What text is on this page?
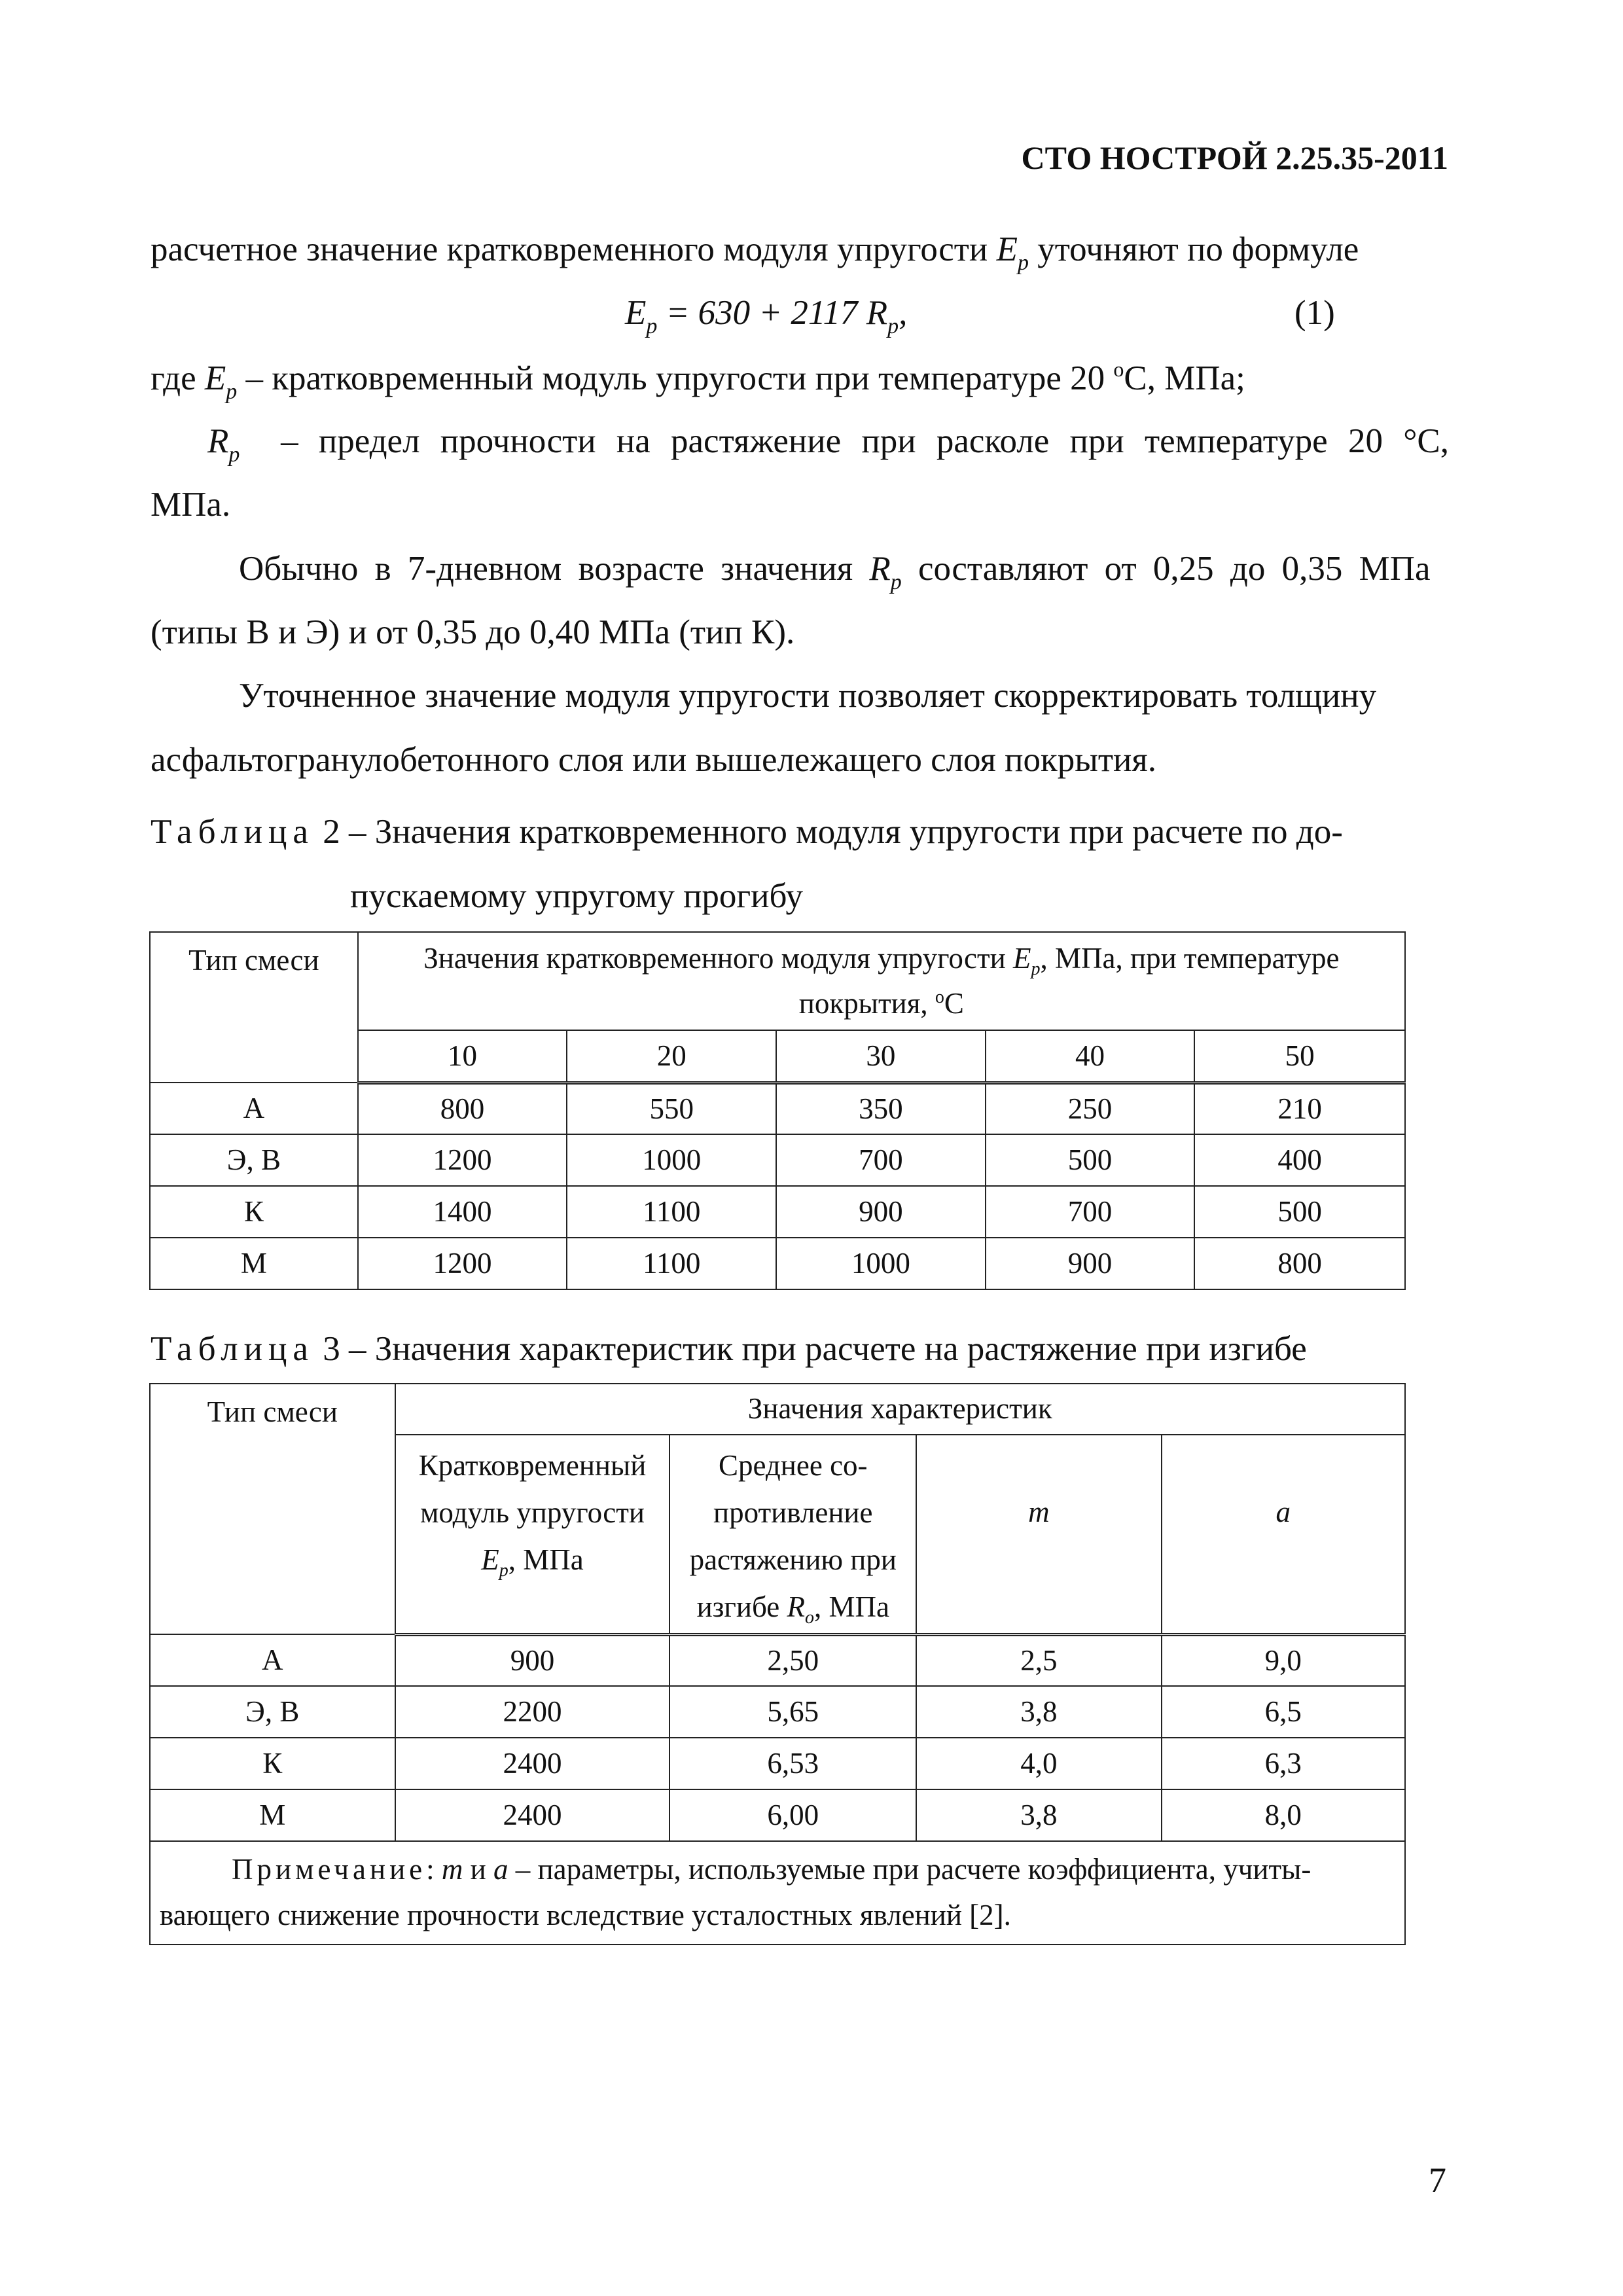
СТО НОСТРОЙ 2.25.35-2011
расчетное значение кратковременного модуля упругости $E_p$ уточняют по формуле
$E_p = 630 + 2117$ $R_p$,	(1)
где $E_p$ – кратковременный модуль упругости при температуре 20 $^о$С, МПа;
$R_p$ – предел прочности на растяжение при расколе при температуре 20 °С,
МПа.
Обычно в 7-дневном возрасте значения $R_p$ составляют от 0,25 до 0,35 МПа
(типы В и Э) и от 0,35 до 0,40 МПа (тип К).
Уточненное значение модуля упругости позволяет скорректировать толщину
асфальтогранулобетонного слоя или вышележащего слоя покрытия.
Таблица 2 – Значения кратковременного модуля упругости при расчете по до-
пускаемому упругому прогибу
Тип смеси	Значения кратковременного модуля упругости $E_p$, МПа, при температуре
покрытия, $^о$С				
	10	20	30	40	50
А	800	550	350	250	210
Э, В	1200	1000	700	500	400
К	1400	1100	900	700	500
М	1200	1100	1000	900	800
Таблица 3 – Значения характеристик при расчете на растяжение при изгибе
Тип смеси	Значения характеристик			
	Кратковременный
модуль упругости
$E_p$, МПа	Среднее со-
противление
растяжению при
изгибе $R_o$, МПа	m	a
А	900	2,50	2,5	9,0
Э, В	2200	5,65	3,8	6,5
К	2400	6,53	4,0	6,3
М	2400	6,00	3,8	8,0
Примечание: m и a – параметры, используемые при расчете коэффициента, учиты-
вающего снижение прочности вследствие усталостных явлений [2].				
7
